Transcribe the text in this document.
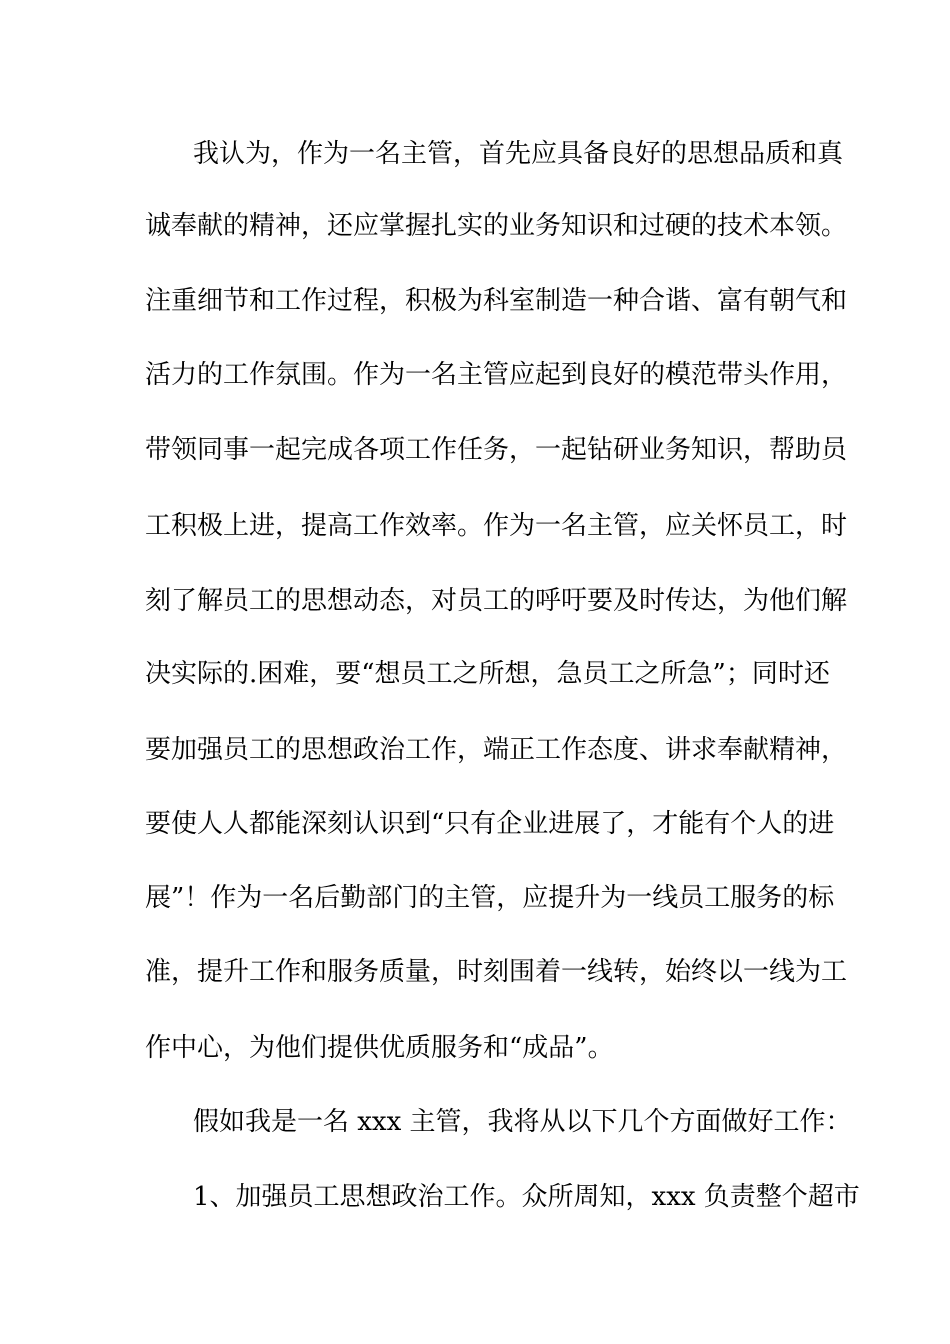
我认为，作为一名主管，首先应具备良好的思想品质和真

诚奉献的精神，还应掌握扎实的业务知识和过硬的技术本领。

注重细节和工作过程，积极为科室制造一种合谐、富有朝气和

活力的工作氛围。作为一名主管应起到良好的模范带头作用，

带领同事一起完成各项工作任务，一起钻研业务知识，帮助员

工积极上进，提高工作效率。作为一名主管，应关怀员工，时

刻了解员工的思想动态，对员工的呼吁要及时传达，为他们解

决实际的.困难，要“想员工之所想，急员工之所急”；同时还

要加强员工的思想政治工作，端正工作态度、讲求奉献精神，

要使人人都能深刻认识到“只有企业进展了，才能有个人的进

展”！作为一名后勤部门的主管，应提升为一线员工服务的标

准，提升工作和服务质量，时刻围着一线转，始终以一线为工

作中心，为他们提供优质服务和“成品”。

假如我是一名 xxx 主管，我将从以下几个方面做好工作：

1、加强员工思想政治工作。众所周知，xxx 负责整个超市
